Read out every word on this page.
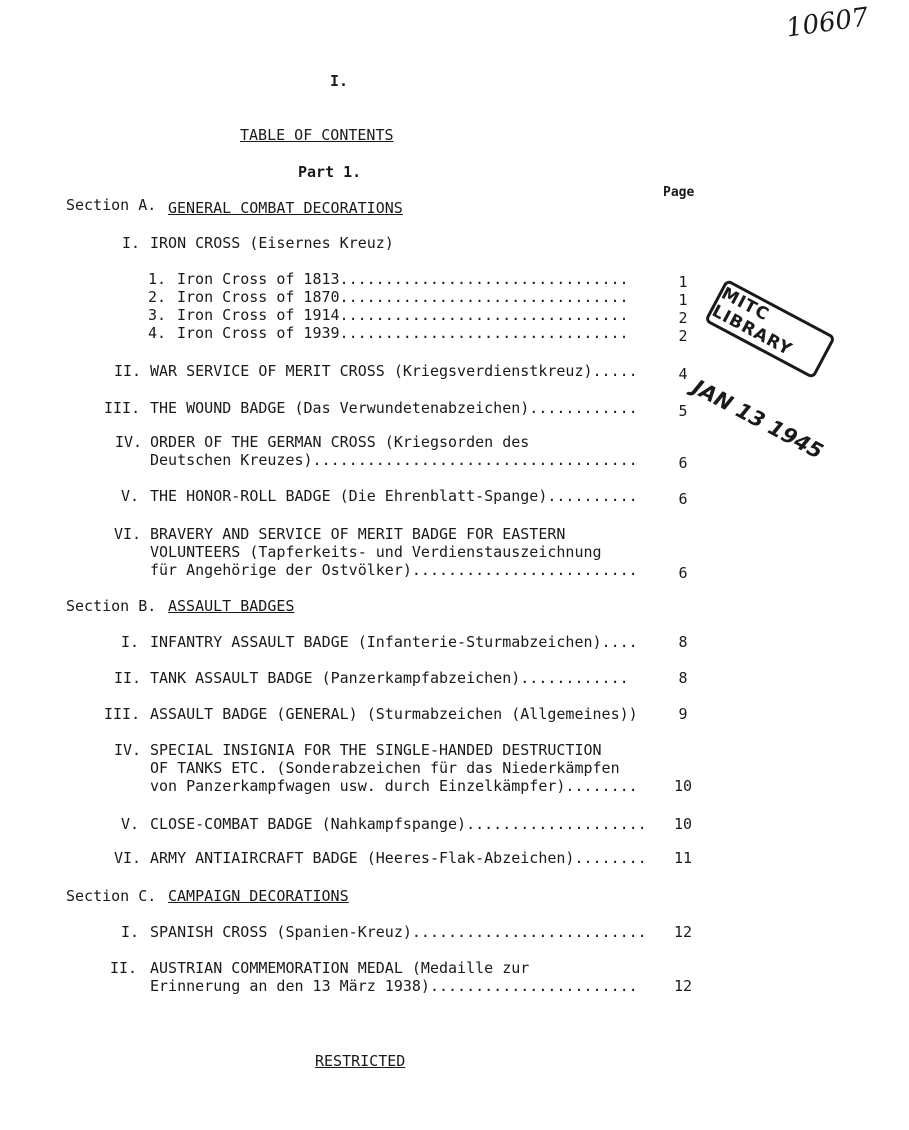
10607
I.
TABLE OF CONTENTS
Part 1.
Page
Section A. GENERAL COMBAT DECORATIONS
I. IRON CROSS (Eisernes Kreuz)
1. Iron Cross of 1813................................	1
2. Iron Cross of 1870................................	1
3. Iron Cross of 1914................................	2
4. Iron Cross of 1939................................	2
II. WAR SERVICE OF MERIT CROSS (Kriegsverdienstkreuz).....	4
III. THE WOUND BADGE (Das Verwundetenabzeichen)............	5
IV. ORDER OF THE GERMAN CROSS (Kriegsorden des
Deutschen Kreuzes)....................................	6
V. THE HONOR-ROLL BADGE (Die Ehrenblatt-Spange)..........	6
VI. BRAVERY AND SERVICE OF MERIT BADGE FOR EASTERN
VOLUNTEERS (Tapferkeits- und Verdienstauszeichnung
für Angehörige der Ostvölker).........................	6
Section B. ASSAULT BADGES
I. INFANTRY ASSAULT BADGE (Infanterie-Sturmabzeichen)....	8
II. TANK ASSAULT BADGE (Panzerkampfabzeichen)............	8
III. ASSAULT BADGE (GENERAL) (Sturmabzeichen (Allgemeines))	9
IV. SPECIAL INSIGNIA FOR THE SINGLE-HANDED DESTRUCTION
OF TANKS ETC. (Sonderabzeichen für das Niederkämpfen
von Panzerkampfwagen usw. durch Einzelkämpfer)........	10
V. CLOSE-COMBAT BADGE (Nahkampfspange)....................	10
VI. ARMY ANTIAIRCRAFT BADGE (Heeres-Flak-Abzeichen)........	11
Section C. CAMPAIGN DECORATIONS
I. SPANISH CROSS (Spanien-Kreuz)..........................	12
II. AUSTRIAN COMMEMORATION MEDAL (Medaille zur
Erinnerung an den 13 März 1938).......................	12
MITC LIBRARY
JAN 13 1945
RESTRICTED
